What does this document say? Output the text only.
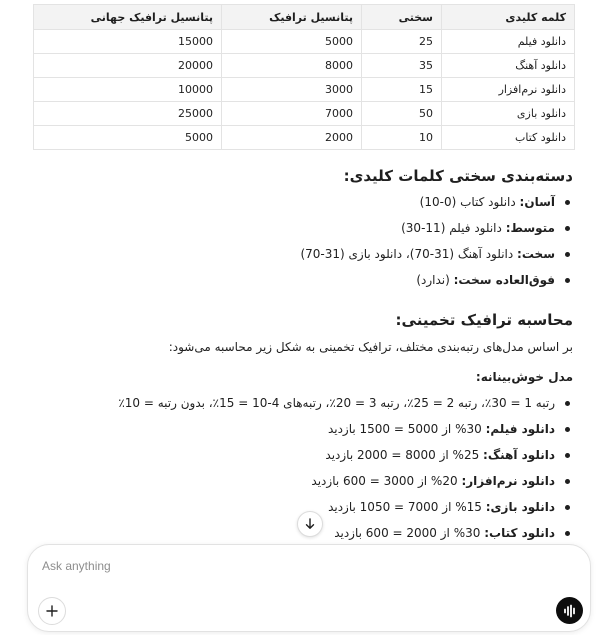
کلمه کلیدی	سختی	پتانسیل ترافیک	پتانسیل ترافیک جهانی
دانلود فیلم	25	5000	15000
دانلود آهنگ	35	8000	20000
دانلود نرم‌افزار	15	3000	10000
دانلود بازی	50	7000	25000
دانلود کتاب	10	2000	5000
دسته‌بندی سختی کلمات کلیدی:
آسان: دانلود کتاب (0-10)
متوسط: دانلود فیلم (11-30)
سخت: دانلود آهنگ (31-70)، دانلود بازی (31-70)
فوق‌العاده سخت: (ندارد)
محاسبه ترافیک تخمینی:
بر اساس مدل‌های رتبه‌بندی مختلف، ترافیک تخمینی به شکل زیر محاسبه می‌شود:
مدل خوش‌بینانه:
رتبه 1 = 30٪، رتبه 2 = 25٪، رتبه 3 = 20٪، رتبه‌های 4-10 = 15٪، بدون رتبه = 10٪
دانلود فیلم: 30% از 5000 = 1500 بازدید
دانلود آهنگ: 25% از 8000 = 2000 بازدید
دانلود نرم‌افزار: 20% از 3000 = 600 بازدید
دانلود بازی: 15% از 7000 = 1050 بازدید
دانلود کتاب: 30% از 2000 = 600 بازدید
Ask anything
